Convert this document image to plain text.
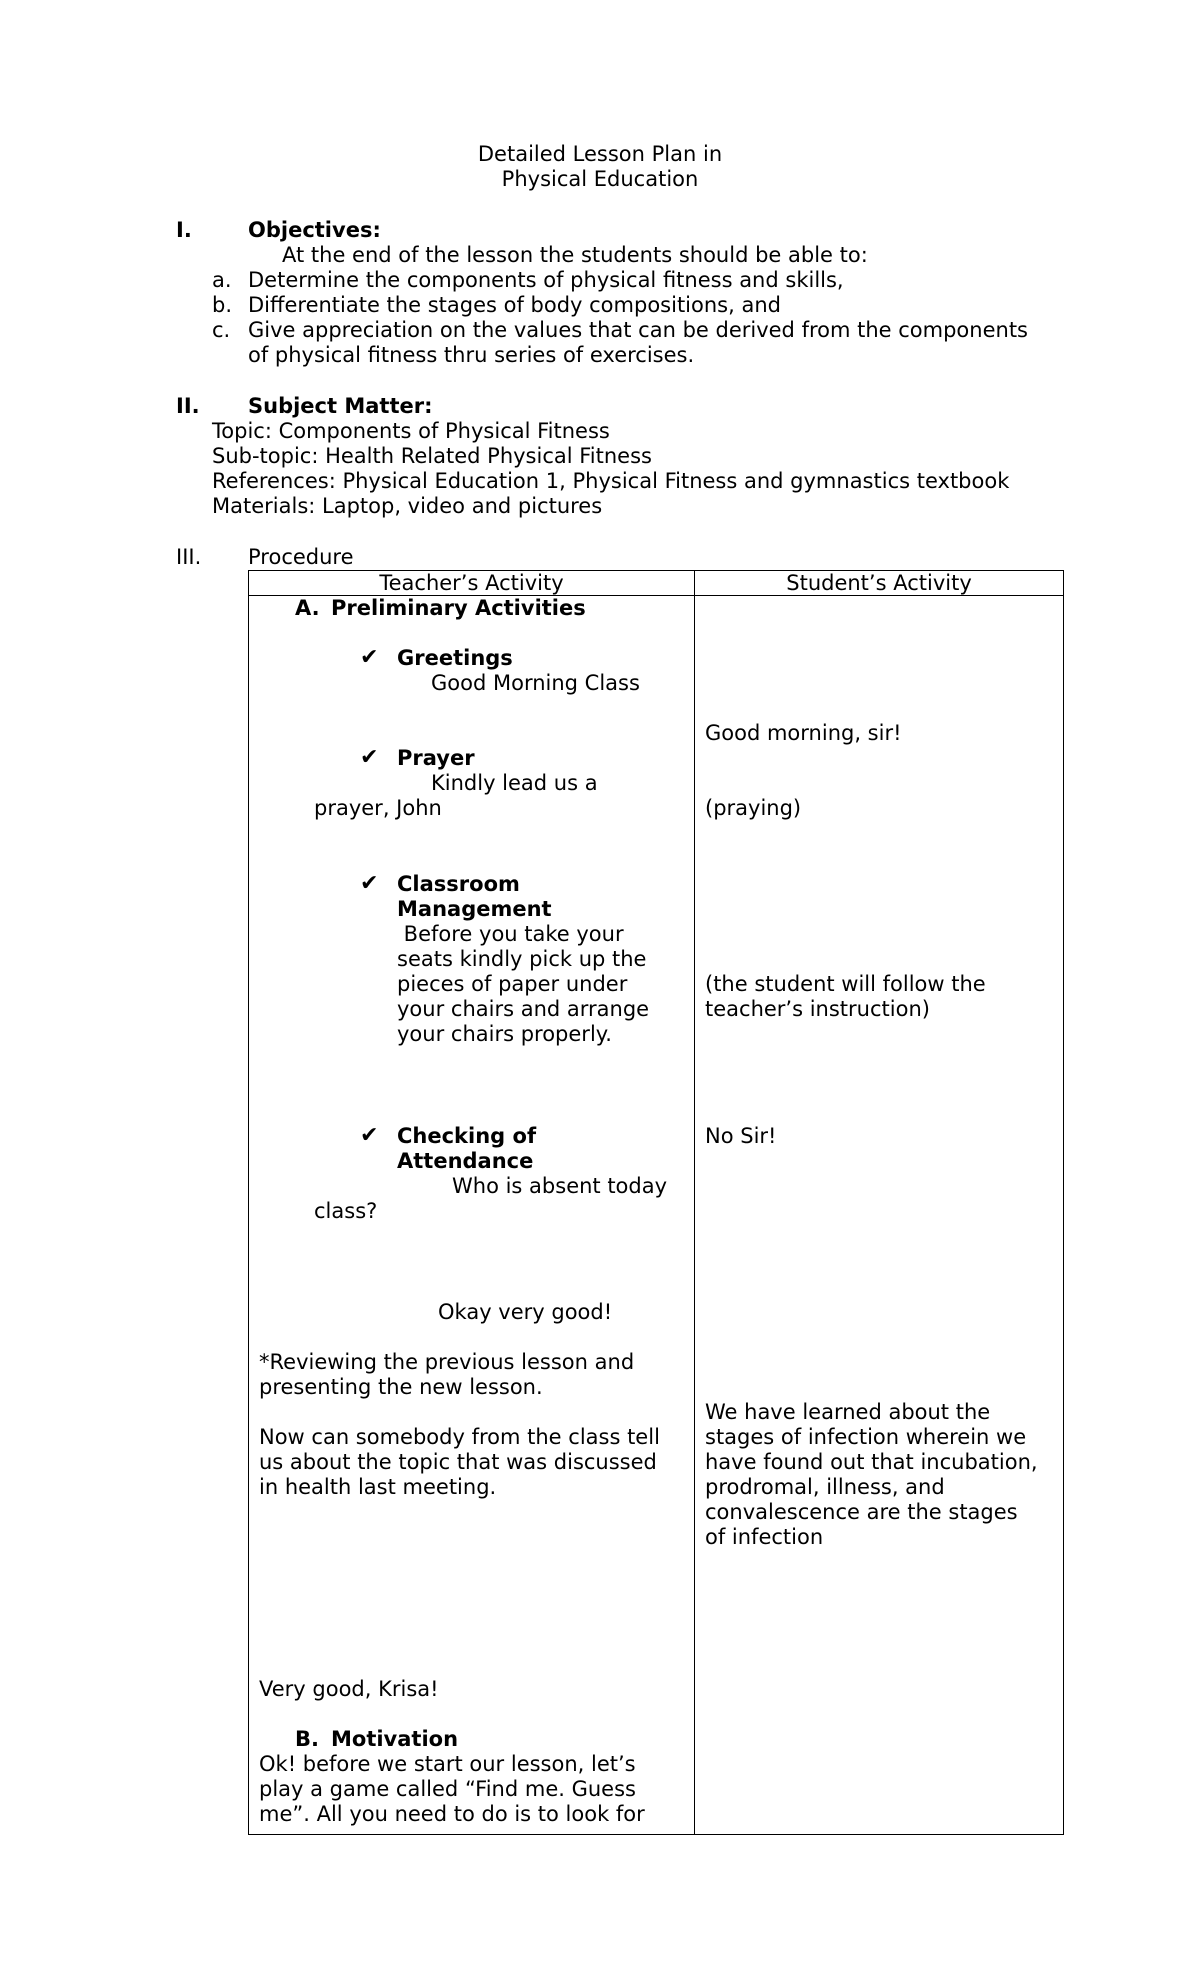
Detailed Lesson Plan in
Physical Education
I.	Objectives:
At the end of the lesson the students should be able to:
a. Determine the components of physical fitness and skills,
b. Differentiate the stages of body compositions, and
c. Give appreciation on the values that can be derived from the components
of physical fitness thru series of exercises.
II. Subject Matter:
Topic: Components of Physical Fitness
Sub-topic: Health Related Physical Fitness
References: Physical Education 1, Physical Fitness and gymnastics textbook
Materials: Laptop, video and pictures
III. Procedure
Teacher’s Activity	Student’s Activity
A. Preliminary Activities
✔ Greetings
Good Morning Class
✔ Prayer
Kindly lead us a
prayer, John
✔ Classroom
Management
Before you take your
seats kindly pick up the
pieces of paper under
your chairs and arrange
your chairs properly.
✔ Checking of
Attendance
Who is absent today
class?
Okay very good!
*Reviewing the previous lesson and
presenting the new lesson.
Now can somebody from the class tell
us about the topic that was discussed
in health last meeting.
Very good, Krisa!
B. Motivation
Ok! before we start our lesson, let’s
play a game called “Find me. Guess
me”. All you need to do is to look for
Good morning, sir!
(praying)
(the student will follow the
teacher’s instruction)
No Sir!
We have learned about the
stages of infection wherein we
have found out that incubation,
prodromal, illness, and
convalescence are the stages
of infection
